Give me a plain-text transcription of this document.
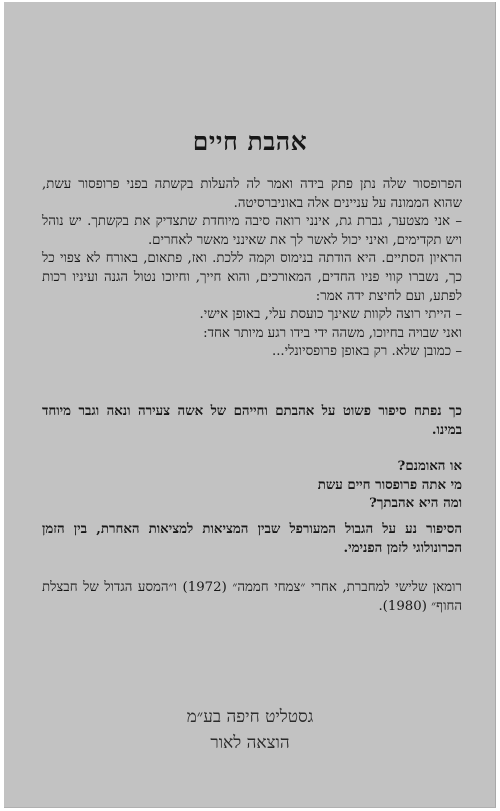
אהבת חיים

הפרופסור שלה נתן פתק בידה ואמר לה להעלות בקשתה בפני פרופסור עשת, שהוא הממונה על עניינים אלה באוניברסיטה.

– אני מצטער, גברת גת, אינני רואה סיבה מיוחדת שתצדיק את בקשתך. יש נוהל ויש תקדימים, ואיני יכול לאשר לך את שאינני מאשר לאחרים.

הראיון הסתיים. היא הודתה בנימוס וקמה ללכת. ואז, פתאום, באורח לא צפוי כל כך, נשברו קווי פניו החדים, המאורכים, והוא חייך, וחיוכו נטול הגנה ועיניו רכות לפתע, ועם לחיצת ידה אמר:

– הייתי רוצה לקוות שאינך כועסת עלי, באופן אישי.

ואני שבויה בחיוכו, משהה ידי בידו רגע מיותר אחד:

– כמובן שלא. רק באופן פרופסיונלי...

כך נפתח סיפור פשוט על אהבתם וחייהם של אשה צעירה ונאה וגבר מיוחד במינו.

או האומנם?

מי אתה פרופסור חיים עשת

ומה היא אהבתך?

הסיפור נע על הגבול המעורפל שבין המציאות למציאות האחרת, בין הזמן הכרונולוגי לזמן הפנימי.

רומאן שלישי למחברת, אחרי ״צמחי חממה״ (1972) ו״המסע הגדול של חבצלת החוף״ (1980).

גסטליט חיפה בע״מ
הוצאה לאור
